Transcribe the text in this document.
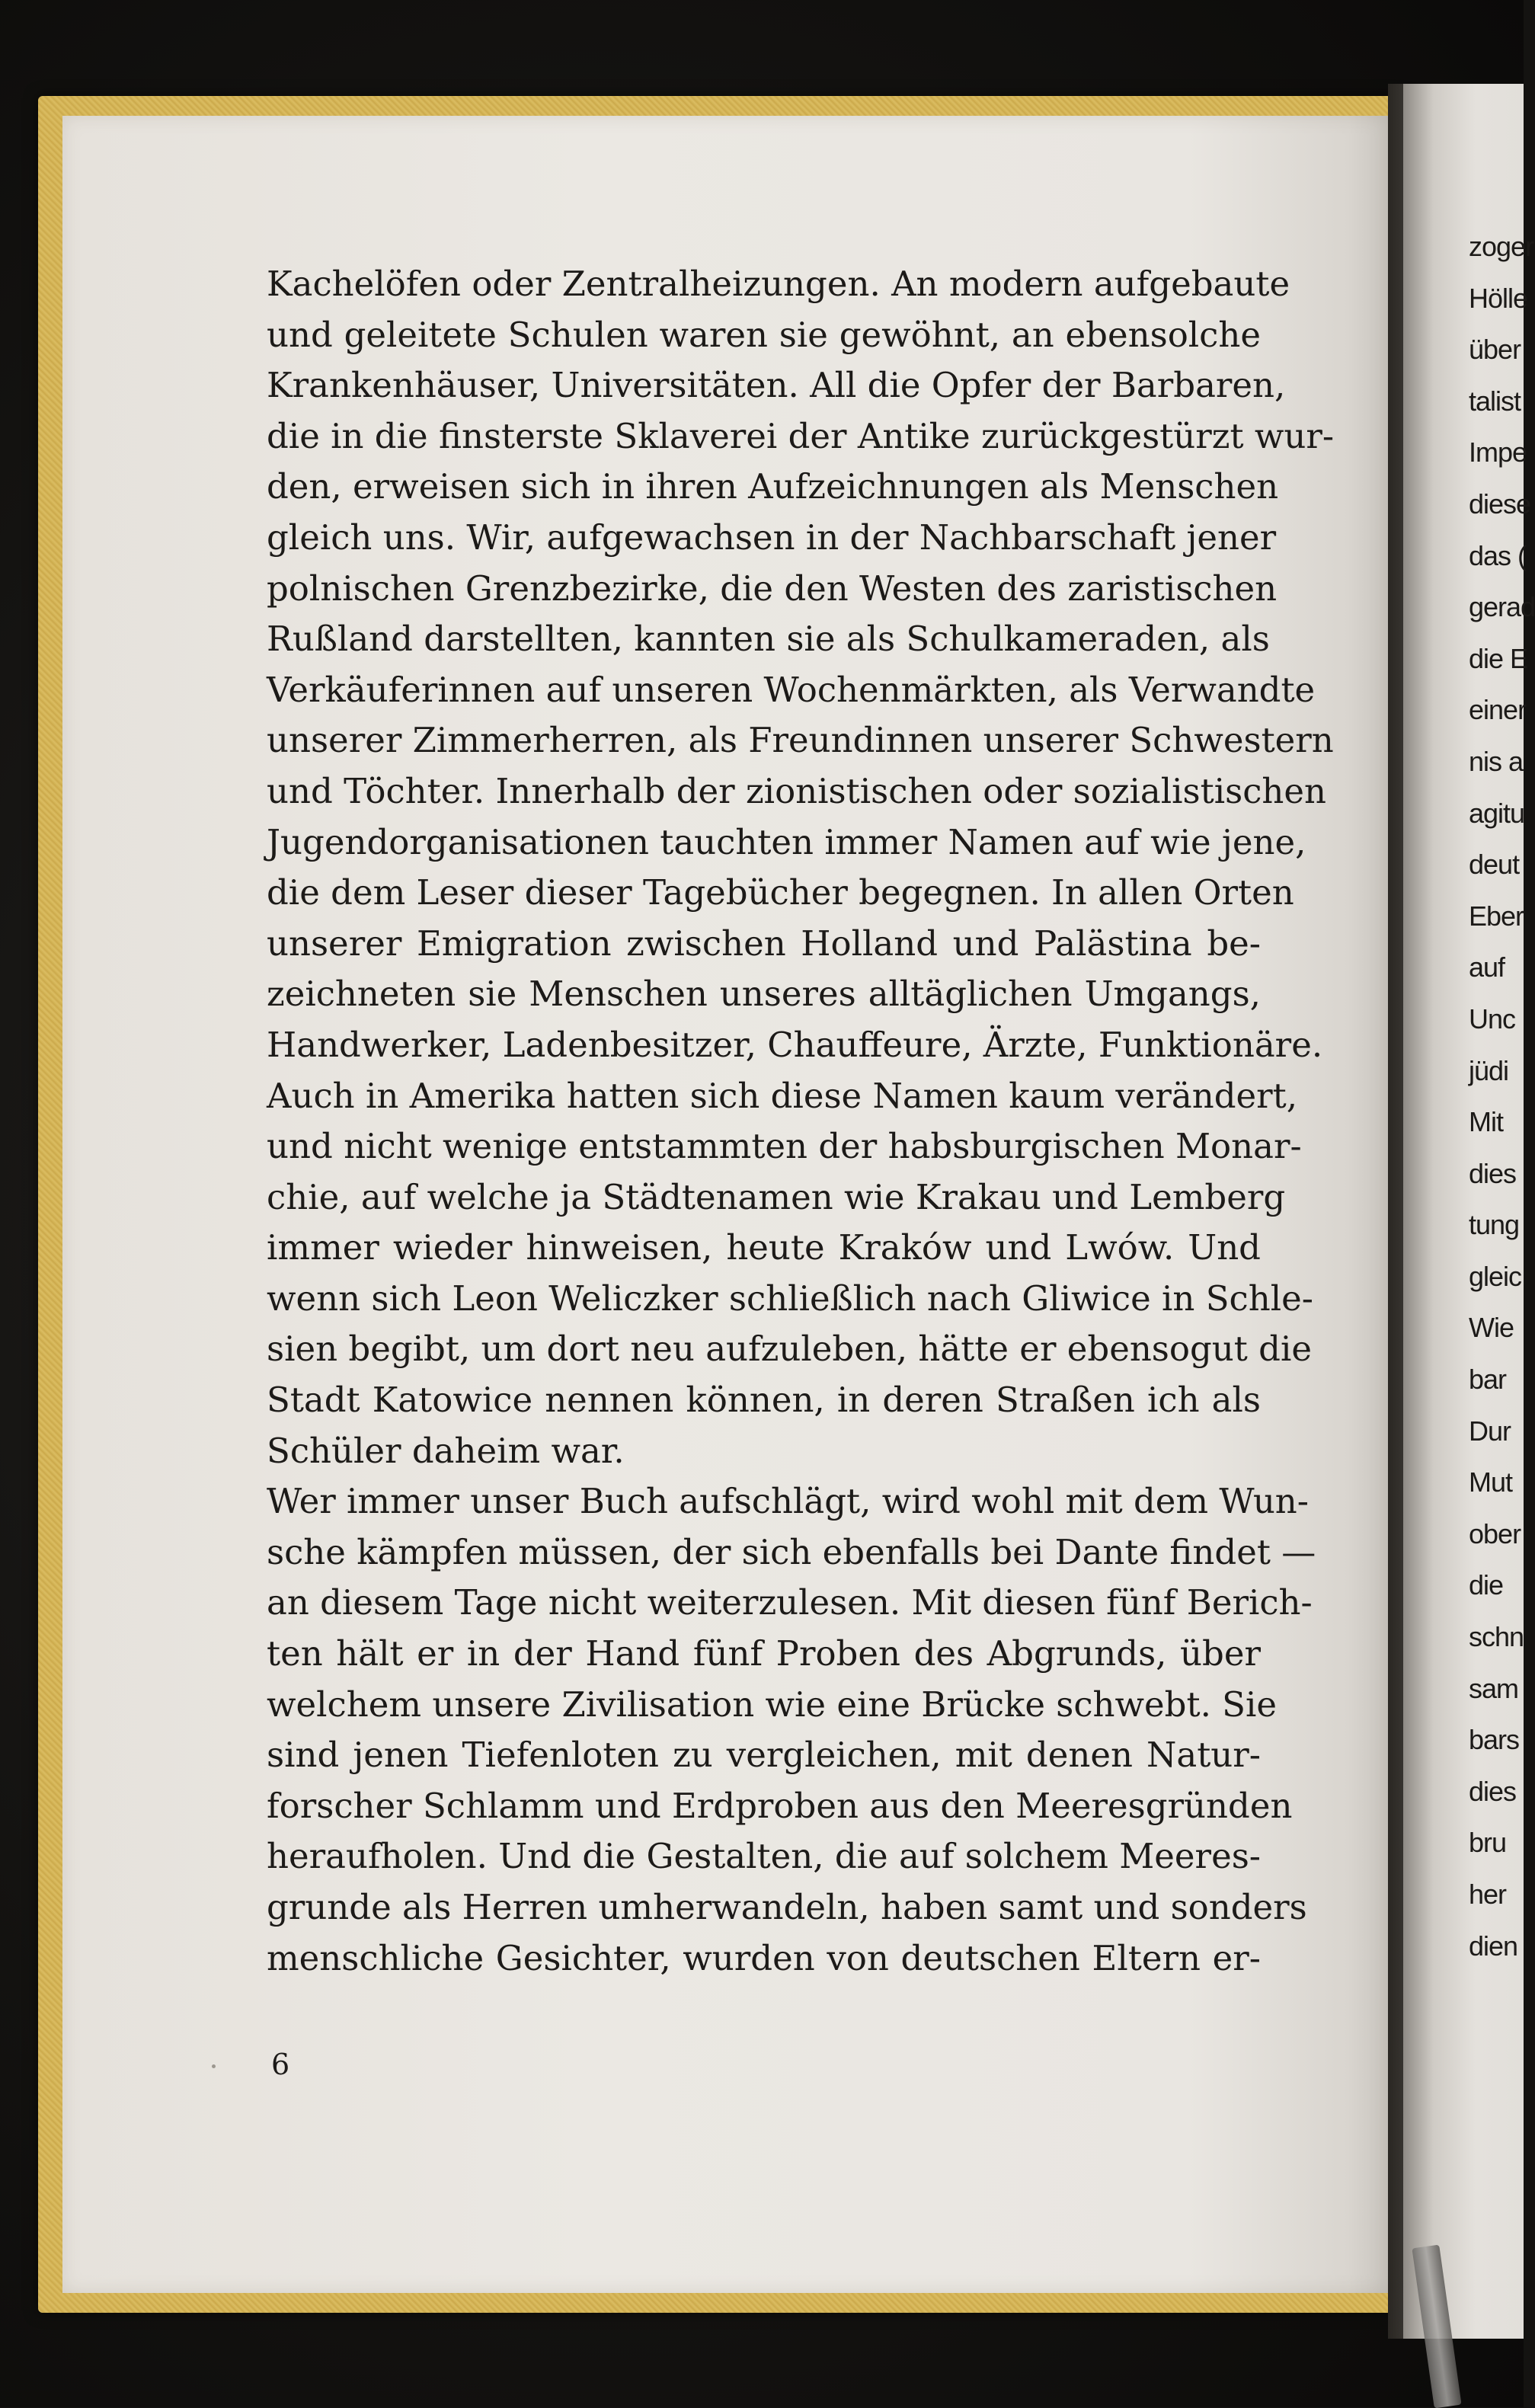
Kachelöfen oder Zentralheizungen. An modern aufgebaute
und geleitete Schulen waren sie gewöhnt, an ebensolche
Krankenhäuser, Universitäten. All die Opfer der Barbaren,
die in die finsterste Sklaverei der Antike zurückgestürzt wur-
den, erweisen sich in ihren Aufzeichnungen als Menschen
gleich uns. Wir, aufgewachsen in der Nachbarschaft jener
polnischen Grenzbezirke, die den Westen des zaristischen
Rußland darstellten, kannten sie als Schulkameraden, als
Verkäuferinnen auf unseren Wochenmärkten, als Verwandte
unserer Zimmerherren, als Freundinnen unserer Schwestern
und Töchter. Innerhalb der zionistischen oder sozialistischen
Jugendorganisationen tauchten immer Namen auf wie jene,
die dem Leser dieser Tagebücher begegnen. In allen Orten
unserer Emigration zwischen Holland und Palästina be-
zeichneten sie Menschen unseres alltäglichen Umgangs,
Handwerker, Ladenbesitzer, Chauffeure, Ärzte, Funktionäre.
Auch in Amerika hatten sich diese Namen kaum verändert,
und nicht wenige entstammten der habsburgischen Monar-
chie, auf welche ja Städtenamen wie Krakau und Lemberg
immer wieder hinweisen, heute Kraków und Lwów. Und
wenn sich Leon Weliczker schließlich nach Gliwice in Schle-
sien begibt, um dort neu aufzuleben, hätte er ebensogut die
Stadt Katowice nennen können, in deren Straßen ich als
Schüler daheim war.
Wer immer unser Buch aufschlägt, wird wohl mit dem Wun-
sche kämpfen müssen, der sich ebenfalls bei Dante findet —
an diesem Tage nicht weiterzulesen. Mit diesen fünf Berich-
ten hält er in der Hand fünf Proben des Abgrunds, über
welchem unsere Zivilisation wie eine Brücke schwebt. Sie
sind jenen Tiefenloten zu vergleichen, mit denen Natur-
forscher Schlamm und Erdproben aus den Meeresgründen
heraufholen. Und die Gestalten, die auf solchem Meeres-
grunde als Herren umherwandeln, haben samt und sonders
menschliche Gesichter, wurden von deutschen Eltern er-
6
zoger
Hölle
über
talist
Impe
diese
das (
gerad
die E
einer
nis a
agitu
deut
Eber
auf
Unc
jüdi
Mit
dies
tung
gleic
Wie
bar
Dur
Mut
ober
die
schn
sam
bars
dies
bru
her
dien
